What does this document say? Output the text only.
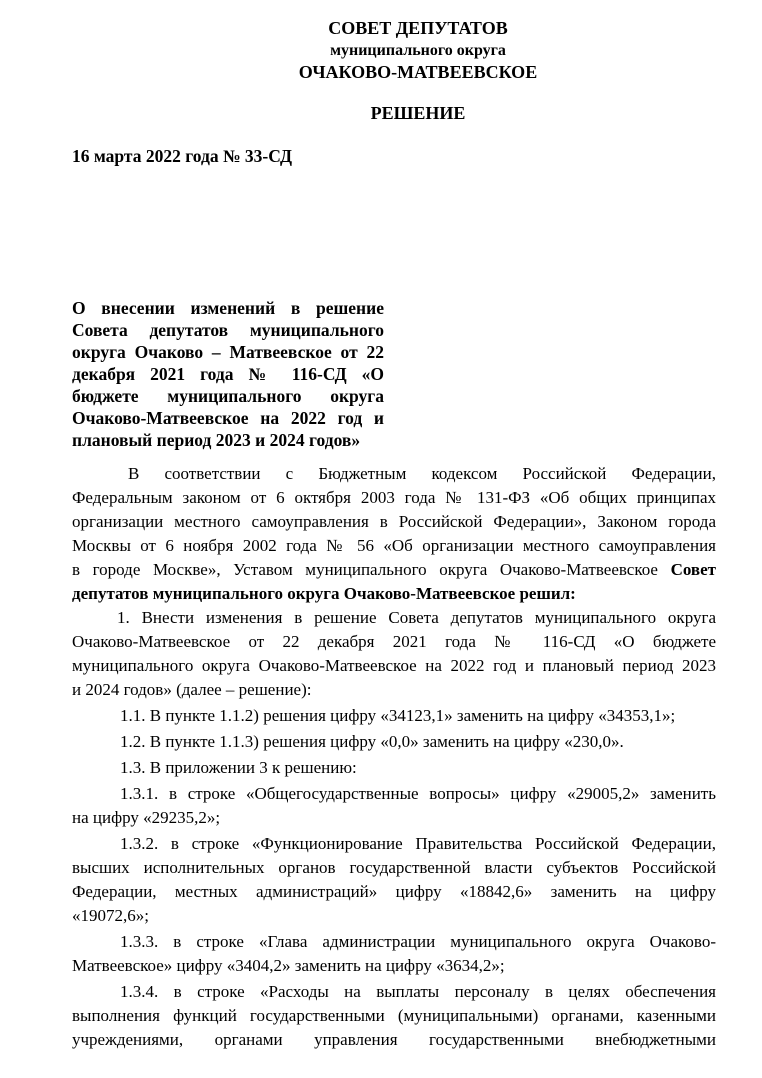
СОВЕТ ДЕПУТАТОВ
муниципального округа
ОЧАКОВО-МАТВЕЕВСКОЕ
РЕШЕНИЕ
16 марта 2022 года № 33-СД
О внесении изменений в решение
Совета депутатов муниципального
округа Очаково – Матвеевское от 22
декабря 2021 года № 116-СД «О
бюджете муниципального округа
Очаково-Матвеевское на 2022 год и
плановый период 2023 и 2024 годов»
В соответствии с Бюджетным кодексом Российской Федерации,
Федеральным законом от 6 октября 2003 года № 131-ФЗ «Об общих принципах
организации местного самоуправления в Российской Федерации», Законом города
Москвы от 6 ноября 2002 года № 56 «Об организации местного самоуправления
в городе Москве», Уставом муниципального округа Очаково-Матвеевское Совет
депутатов муниципального округа Очаково-Матвеевское решил:
1. Внести изменения в решение Совета депутатов муниципального округа
Очаково-Матвеевское от 22 декабря 2021 года № 116-СД «О бюджете
муниципального округа Очаково-Матвеевское на 2022 год и плановый период 2023
и 2024 годов» (далее – решение):
1.1. В пункте 1.1.2) решения цифру «34123,1» заменить на цифру «34353,1»;
1.2. В пункте 1.1.3) решения цифру «0,0» заменить на цифру «230,0».
1.3. В приложении 3 к решению:
1.3.1. в строке «Общегосударственные вопросы» цифру «29005,2» заменить
на цифру «29235,2»;
1.3.2. в строке «Функционирование Правительства Российской Федерации,
высших исполнительных органов государственной власти субъектов Российской
Федерации, местных администраций» цифру «18842,6» заменить на цифру
«19072,6»;
1.3.3. в строке «Глава администрации муниципального округа Очаково-
Матвеевское» цифру «3404,2» заменить на цифру «3634,2»;
1.3.4. в строке «Расходы на выплаты персоналу в целях обеспечения
выполнения функций государственными (муниципальными) органами, казенными
учреждениями, органами управления государственными внебюджетными
